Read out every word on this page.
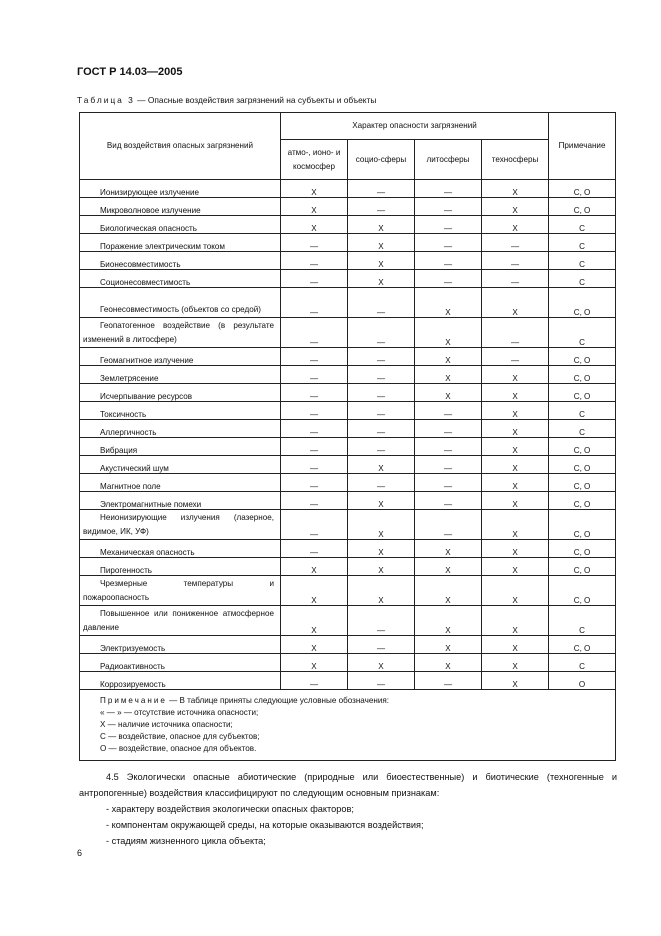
ГОСТ Р 14.03—2005
Таблица 3 — Опасные воздействия загрязнений на субъекты и объекты
Вид воздействия опасных загрязнений	Характер опасности загрязнений				Примечание
	атмо-, ионо- и космосфер	социо-сферы	литосферы	техносферы	
Ионизирующее излучение	X	—	—	X	C, O
Микроволновое излучение	X	—	—	X	C, O
Биологическая опасность	X	X	—	X	C
Поражение электрическим током	—	X	—	—	C
Бионесовместимость	—	X	—	—	C
Соционесовместимость	—	X	—	—	C
Геонесовместимость (объектов со средой)	—	—	X	X	C, O
Геопатогенное воздействие (в результате изменений в литосфере)	—	—	X	—	C
Геомагнитное излучение	—	—	X	—	C, O
Землетрясение	—	—	X	X	C, O
Исчерпывание ресурсов	—	—	X	X	C, O
Токсичность	—	—	—	X	C
Аллергичность	—	—	—	X	C
Вибрация	—	—	—	X	C, O
Акустический шум	—	X	—	X	C, O
Магнитное поле	—	—	—	X	C, O
Электромагнитные помехи	—	X	—	X	C, O
Неионизирующие излучения (лазерное, видимое, ИК, УФ)	—	X	—	X	C, O
Механическая опасность	—	X	X	X	C, O
Пирогенность	X	X	X	X	C, O
Чрезмерные температуры и пожароопасность	X	X	X	X	C, O
Повышенное или пониженное атмосферное давление	X	—	X	X	C
Электризуемость	X	—	X	X	C, O
Радиоактивность	X	X	X	X	C
Коррозируемость	—	—	—	X	O

Примечание — В таблице приняты следующие условные обозначения:
« — » — отсутствие источника опасности;
X — наличие источника опасности;
C — воздействие, опасное для субъектов;
O — воздействие, опасное для объектов.					
4.5 Экологически опасные абиотические (природные или биоестественные) и биотические (техногенные и антропогенные) воздействия классифицируют по следующим основным признакам:
- характеру воздействия экологически опасных факторов;
- компонентам окружающей среды, на которые оказываются воздействия;
- стадиям жизненного цикла объекта;
6
